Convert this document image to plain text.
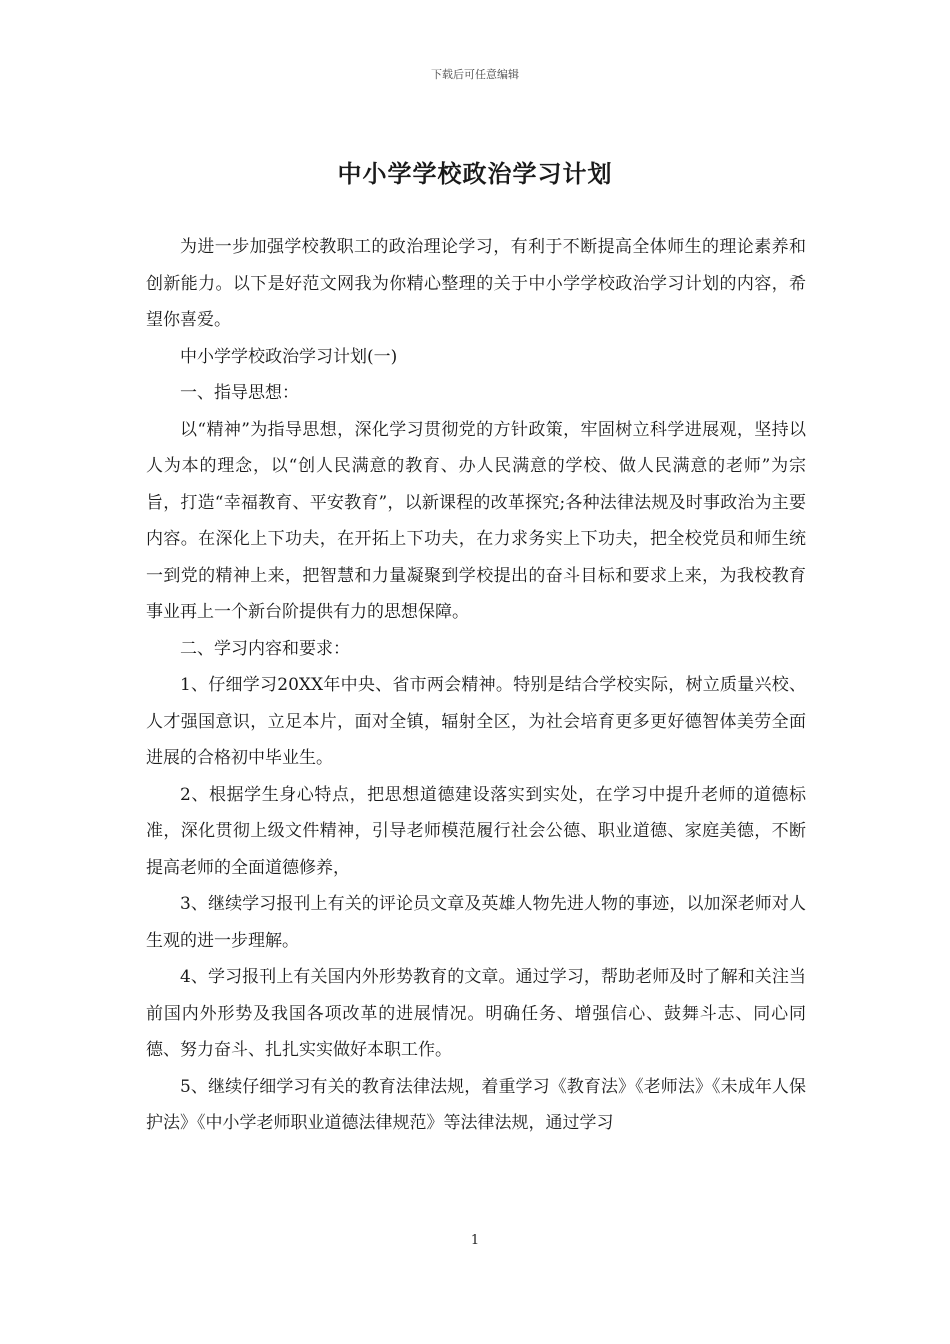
下载后可任意编辑
中小学学校政治学习计划

为进一步加强学校教职工的政治理论学习，有利于不断提高全体师生的理论素养和创新能力。以下是好范文网我为你精心整理的关于中小学学校政治学习计划的内容，希望你喜爱。

中小学学校政治学习计划(一)

一、指导思想：

以“精神”为指导思想，深化学习贯彻党的方针政策，牢固树立科学进展观，坚持以人为本的理念，以“创人民满意的教育、办人民满意的学校、做人民满意的老师”为宗旨，打造“幸福教育、平安教育”，以新课程的改革探究;各种法律法规及时事政治为主要内容。在深化上下功夫，在开拓上下功夫，在力求务实上下功夫，把全校党员和师生统一到党的精神上来，把智慧和力量凝聚到学校提出的奋斗目标和要求上来，为我校教育事业再上一个新台阶提供有力的思想保障。

二、学习内容和要求：

1、仔细学习20XX年中央、省市两会精神。特别是结合学校实际，树立质量兴校、人才强国意识，立足本片，面对全镇，辐射全区，为社会培育更多更好德智体美劳全面进展的合格初中毕业生。

2、根据学生身心特点，把思想道德建设落实到实处，在学习中提升老师的道德标准，深化贯彻上级文件精神，引导老师模范履行社会公德、职业道德、家庭美德，不断提高老师的全面道德修养，

3、继续学习报刊上有关的评论员文章及英雄人物先进人物的事迹，以加深老师对人生观的进一步理解。

4、学习报刊上有关国内外形势教育的文章。通过学习，帮助老师及时了解和关注当前国内外形势及我国各项改革的进展情况。明确任务、增强信心、鼓舞斗志、同心同德、努力奋斗、扎扎实实做好本职工作。

5、继续仔细学习有关的教育法律法规，着重学习《教育法》《老师法》《未成年人保护法》《中小学老师职业道德法律规范》等法律法规，通过学习

1
